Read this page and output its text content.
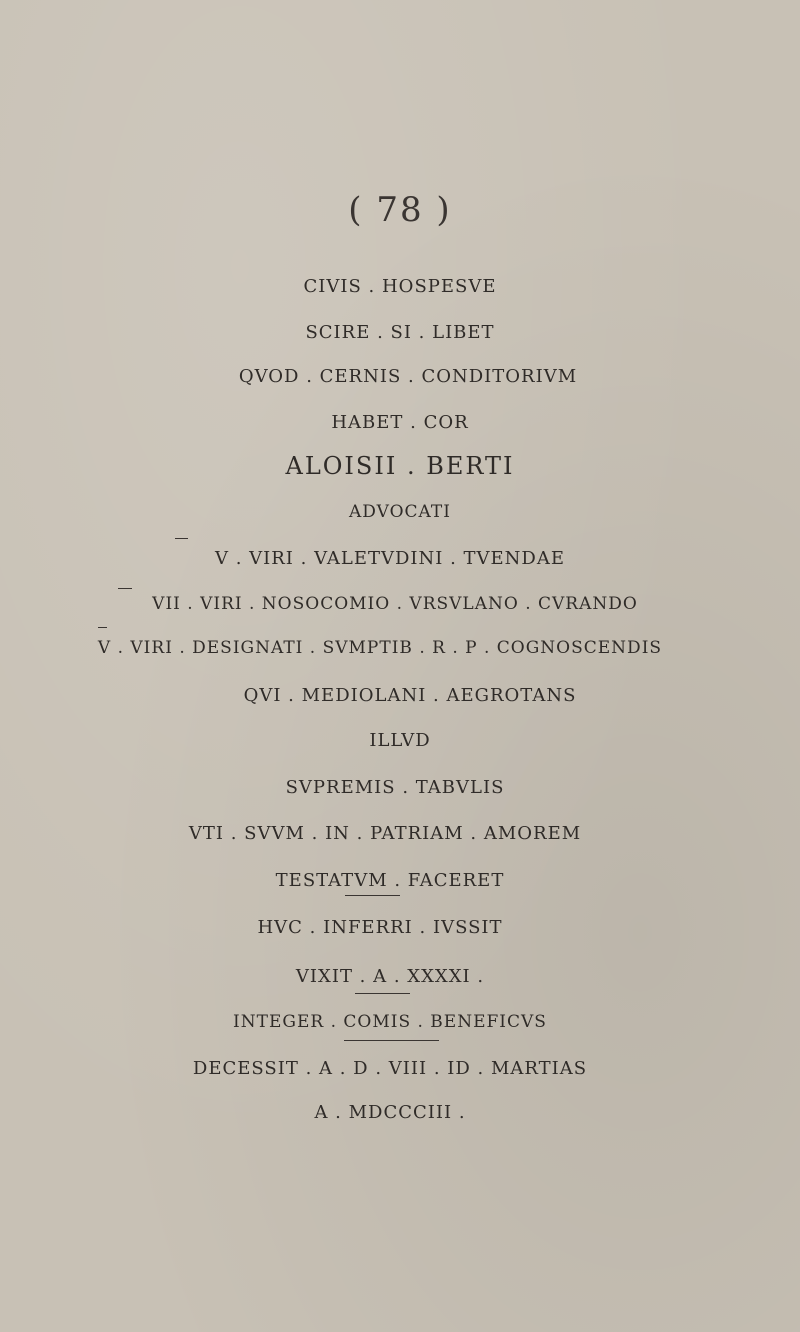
( 78 )
CIVIS . HOSPESVE
SCIRE . SI . LIBET
QVOD . CERNIS . CONDITORIVM
HABET . COR
ALOISII . BERTI
ADVOCATI
V . VIRI . VALETVDINI . TVENDAE
VII . VIRI . NOSOCOMIO . VRSVLANO . CVRANDO
V . VIRI . DESIGNATI . SVMPTIB . R . P . COGNOSCENDIS
QVI . MEDIOLANI . AEGROTANS
ILLVD
SVPREMIS . TABVLIS
VTI . SVVM . IN . PATRIAM . AMOREM
TESTATVM . FACERET
HVC . INFERRI . IVSSIT
VIXIT . A . XXXXI .
INTEGER . COMIS . BENEFICVS
DECESSIT . A . D . VIII . ID . MARTIAS
A . MDCCCIII .
